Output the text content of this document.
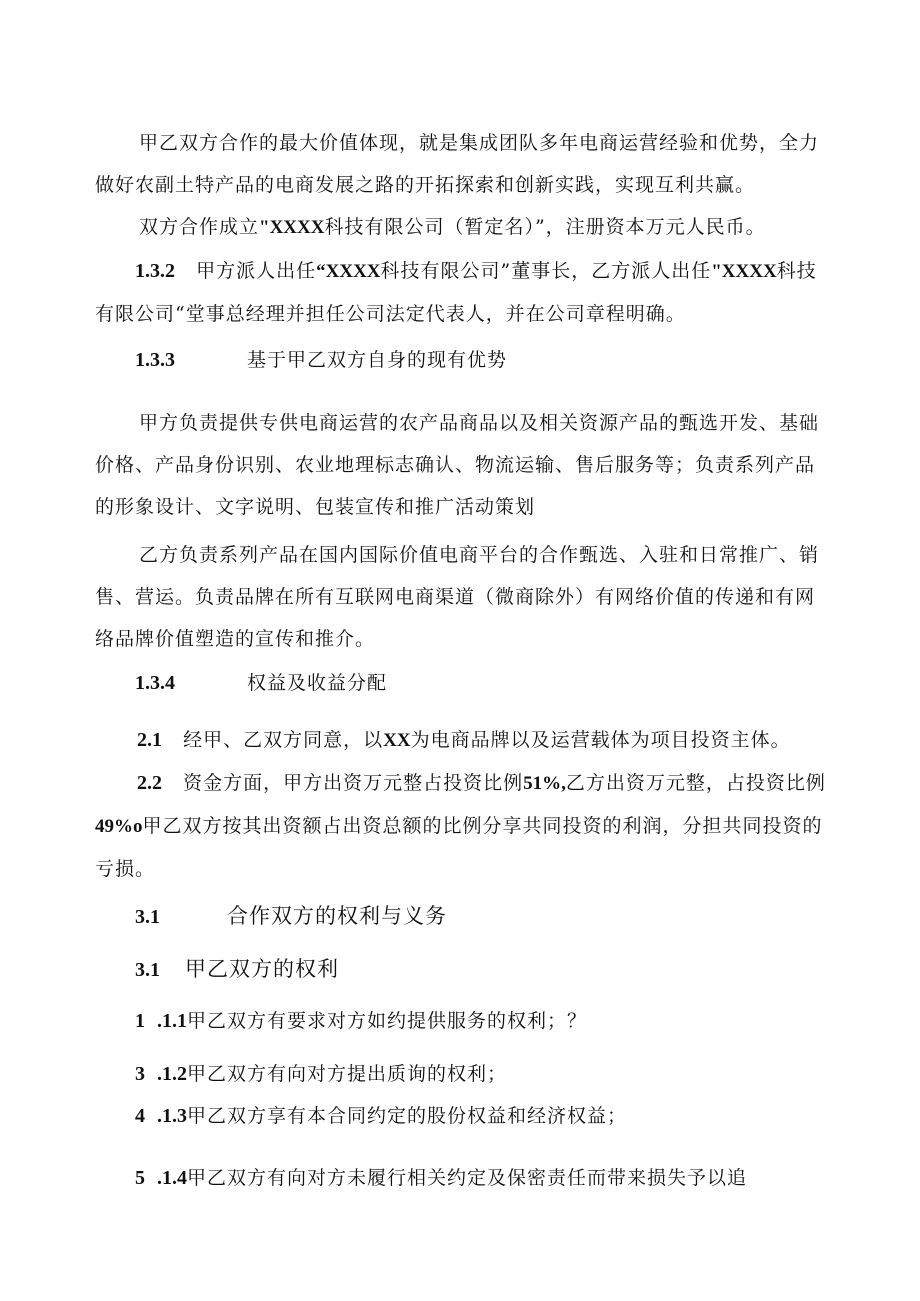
甲乙双方合作的最大价值体现，就是集成团队多年电商运营经验和优势，全力做好农副土特产品的电商发展之路的开拓探索和创新实践，实现互利共赢。

双方合作成立"XXXX科技有限公司（暂定名）”，注册资本万元人民币。

1.3.2 甲方派人出任“XXXX科技有限公司”董事长，乙方派人出任"XXXX科技有限公司“堂事总经理并担任公司法定代表人，并在公司章程明确。

1.3.3	基于甲乙双方自身的现有优势

甲方负责提供专供电商运营的农产品商品以及相关资源产品的甄选开发、基础价格、产品身份识别、农业地理标志确认、物流运输、售后服务等；负责系列产品的形象设计、文字说明、包装宣传和推广活动策划

乙方负责系列产品在国内国际价值电商平台的合作甄选、入驻和日常推广、销售、营运。负责品牌在所有互联网电商渠道（微商除外）有网络价值的传递和有网络品牌价值塑造的宣传和推介。

1.3.4	权益及收益分配

2.1 经甲、乙双方同意，以XX为电商品牌以及运营载体为项目投资主体。

2.2 资金方面，甲方出资万元整占投资比例51%,乙方出资万元整，占投资比例49%o甲乙双方按其出资额占出资总额的比例分享共同投资的利润，分担共同投资的亏损。

3.1	合作双方的权利与义务
3.1 甲乙双方的权利
1 .1.1甲乙双方有要求对方如约提供服务的权利；？
3 .1.2甲乙双方有向对方提出质询的权利；
4 .1.3甲乙双方享有本合同约定的股份权益和经济权益；
5 .1.4甲乙双方有向对方未履行相关约定及保密责任而带来损失予以追
